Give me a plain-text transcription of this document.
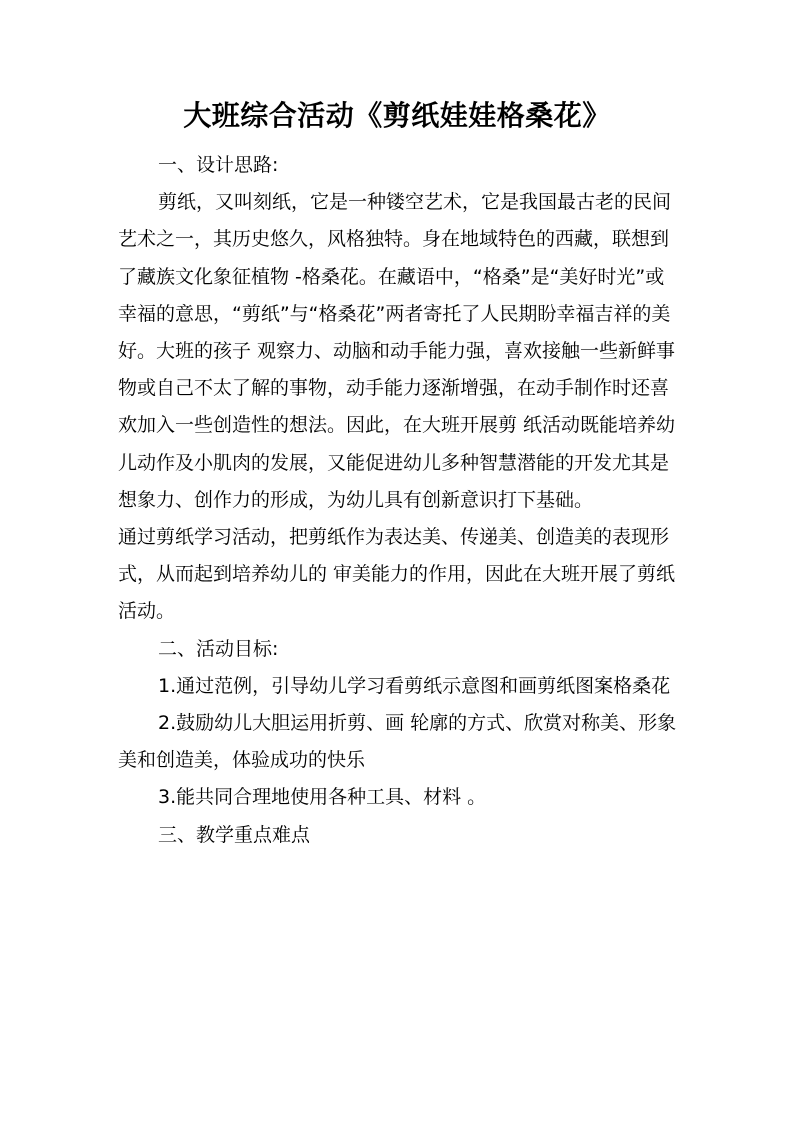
大班综合活动《剪纸娃娃格桑花》

一、设计思路:

剪纸，又叫刻纸，它是一种镂空艺术，它是我国最古老的民间艺术之一，其历史悠久，风格独特。身在地域特色的西藏，联想到了藏族文化象征植物 -格桑花。在藏语中，“格桑”是“美好时光”或幸福的意思，“剪纸”与“格桑花”两者寄托了人民期盼幸福吉祥的美好。大班的孩子 观察力、动脑和动手能力强，喜欢接触一些新鲜事物或自己不太了解的事物，动手能力逐渐增强，在动手制作时还喜欢加入一些创造性的想法。因此，在大班开展剪 纸活动既能培养幼儿动作及小肌肉的发展，又能促进幼儿多种智慧潜能的开发尤其是想象力、创作力的形成，为幼儿具有创新意识打下基础。

通过剪纸学习活动，把剪纸作为表达美、传递美、创造美的表现形式，从而起到培养幼儿的 审美能力的作用，因此在大班开展了剪纸活动。

二、活动目标:

1.通过范例，引导幼儿学习看剪纸示意图和画剪纸图案格桑花

2.鼓励幼儿大胆运用折剪、画 轮廓的方式、欣赏对称美、形象美和创造美，体验成功的快乐

3.能共同合理地使用各种工具、材料 。

三、教学重点难点
